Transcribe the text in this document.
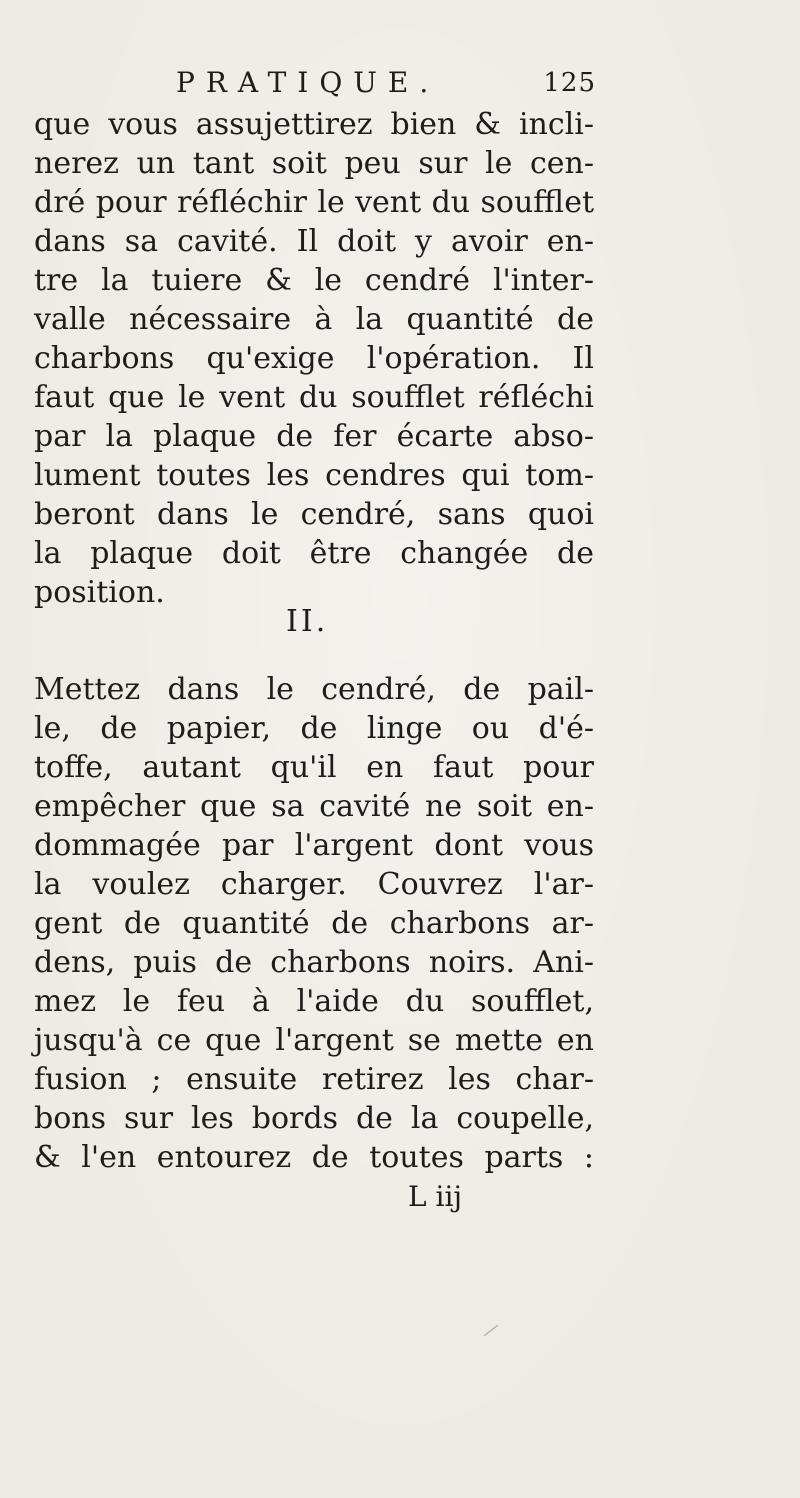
PRATIQUE.	125

que vous assujettirez bien & incli-
nerez un tant soit peu sur le cen-
dré pour réfléchir le vent du soufflet
dans sa cavité. Il doit y avoir en-
tre la tuiere & le cendré l'inter-
valle nécessaire à la quantité de
charbons qu'exige l'opération. Il
faut que le vent du soufflet réfléchi
par la plaque de fer écarte abso-
lument toutes les cendres qui tom-
beront dans le cendré, sans quoi
la plaque doit être changée de
position.

II.

Mettez dans le cendré, de pail-
le, de papier, de linge ou d'é-
toffe, autant qu'il en faut pour
empêcher que sa cavité ne soit en-
dommagée par l'argent dont vous
la voulez charger. Couvrez l'ar-
gent de quantité de charbons ar-
dens, puis de charbons noirs. Ani-
mez le feu à l'aide du soufflet,
jusqu'à ce que l'argent se mette en
fusion ; ensuite retirez les char-
bons sur les bords de la coupelle,
& l'en entourez de toutes parts :

L iij
/
